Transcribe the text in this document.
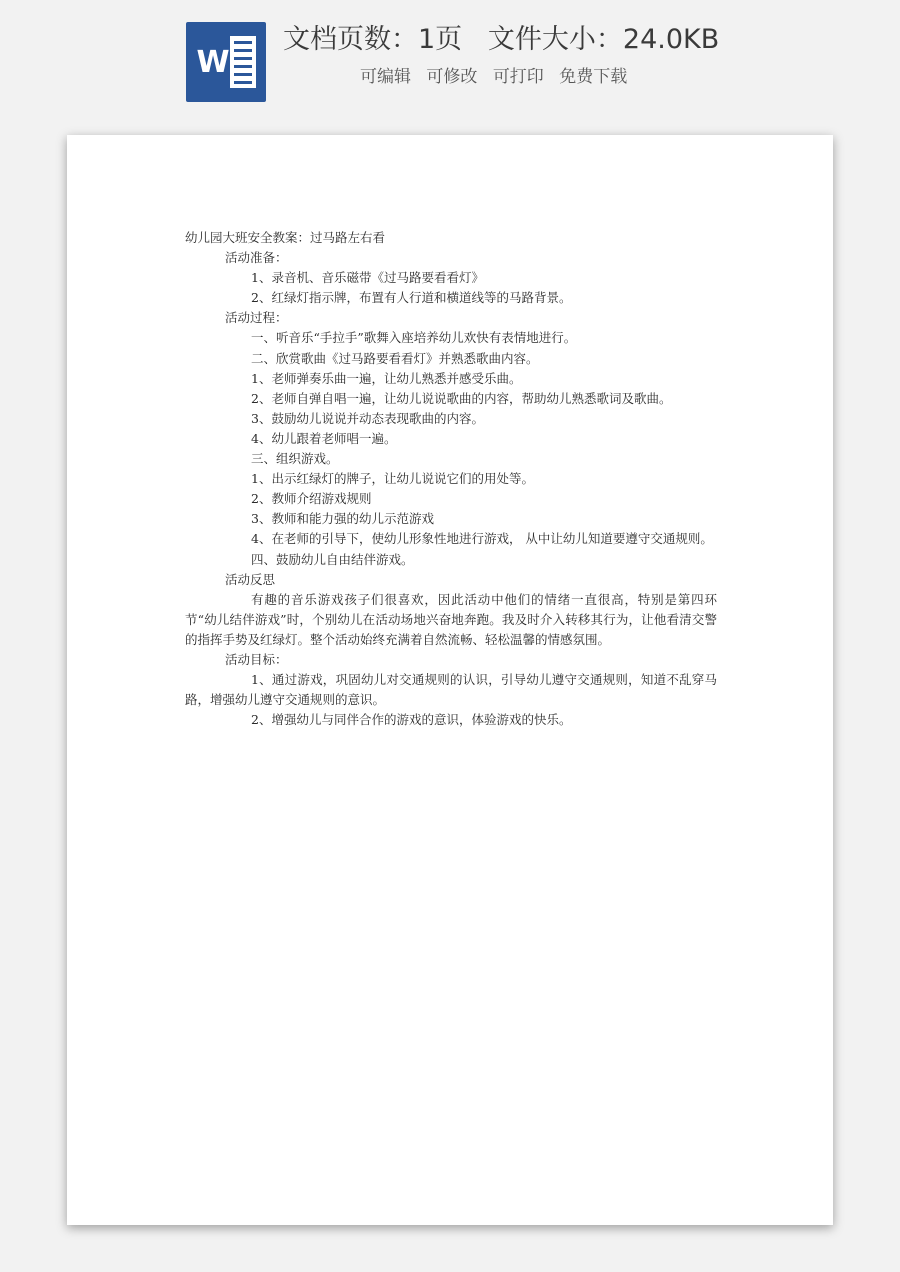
W
文档页数：1页   文件大小：24.0KB
可编辑 可修改 可打印 免费下载

幼儿园大班安全教案：过马路左右看

活动准备：

1、录音机、音乐磁带《过马路要看看灯》

2、红绿灯指示牌，布置有人行道和横道线等的马路背景。

活动过程：

一、听音乐“手拉手”歌舞入座培养幼儿欢快有表情地进行。

二、欣赏歌曲《过马路要看看灯》并熟悉歌曲内容。

1、老师弹奏乐曲一遍，让幼儿熟悉并感受乐曲。

2、老师自弹自唱一遍，让幼儿说说歌曲的内容，帮助幼儿熟悉歌词及歌曲。

3、鼓励幼儿说说并动态表现歌曲的内容。

4、幼儿跟着老师唱一遍。

三、组织游戏。

1、出示红绿灯的牌子，让幼儿说说它们的用处等。

2、教师介绍游戏规则

3、教师和能力强的幼儿示范游戏

4、在老师的引导下，使幼儿形象性地进行游戏， 从中让幼儿知道要遵守交通规则。

四、鼓励幼儿自由结伴游戏。

活动反思

有趣的音乐游戏孩子们很喜欢，因此活动中他们的情绪一直很高，特别是第四环节“幼儿结伴游戏”时，个别幼儿在活动场地兴奋地奔跑。我及时介入转移其行为，让他看清交警的指挥手势及红绿灯。整个活动始终充满着自然流畅、轻松温馨的情感氛围。

活动目标：

1、通过游戏，巩固幼儿对交通规则的认识，引导幼儿遵守交通规则，知道不乱穿马路，增强幼儿遵守交通规则的意识。

2、增强幼儿与同伴合作的游戏的意识，体验游戏的快乐。
